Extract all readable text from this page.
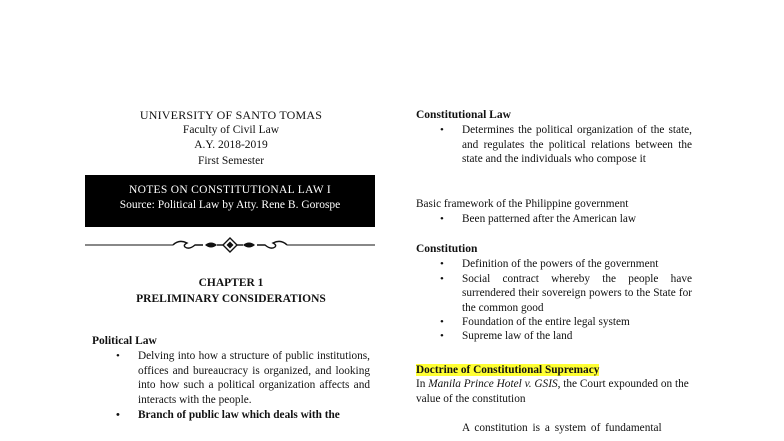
UNIVERSITY OF SANTO TOMAS
Faculty of Civil Law
A.Y. 2018-2019
First Semester
NOTES ON CONSTITUTIONAL LAW I
Source: Political Law by Atty. Rene B. Gorospe
CHAPTER 1
PRELIMINARY CONSIDERATIONS
Political Law
• Delving into how a structure of public institutions, offices and bureaucracy is organized, and looking into how such a political organization affects and interacts with the people.
• Branch of public law which deals with the
Constitutional Law
• Determines the political organization of the state, and regulates the political relations between the state and the individuals who compose it
Basic framework of the Philippine government
• Been patterned after the American law
Constitution
• Definition of the powers of the government
• Social contract whereby the people have surrendered their sovereign powers to the State for the common good
• Foundation of the entire legal system
• Supreme law of the land
Doctrine of Constitutional Supremacy
In Manila Prince Hotel v. GSIS, the Court expounded on the value of the constitution
A constitution is a system of fundamental
